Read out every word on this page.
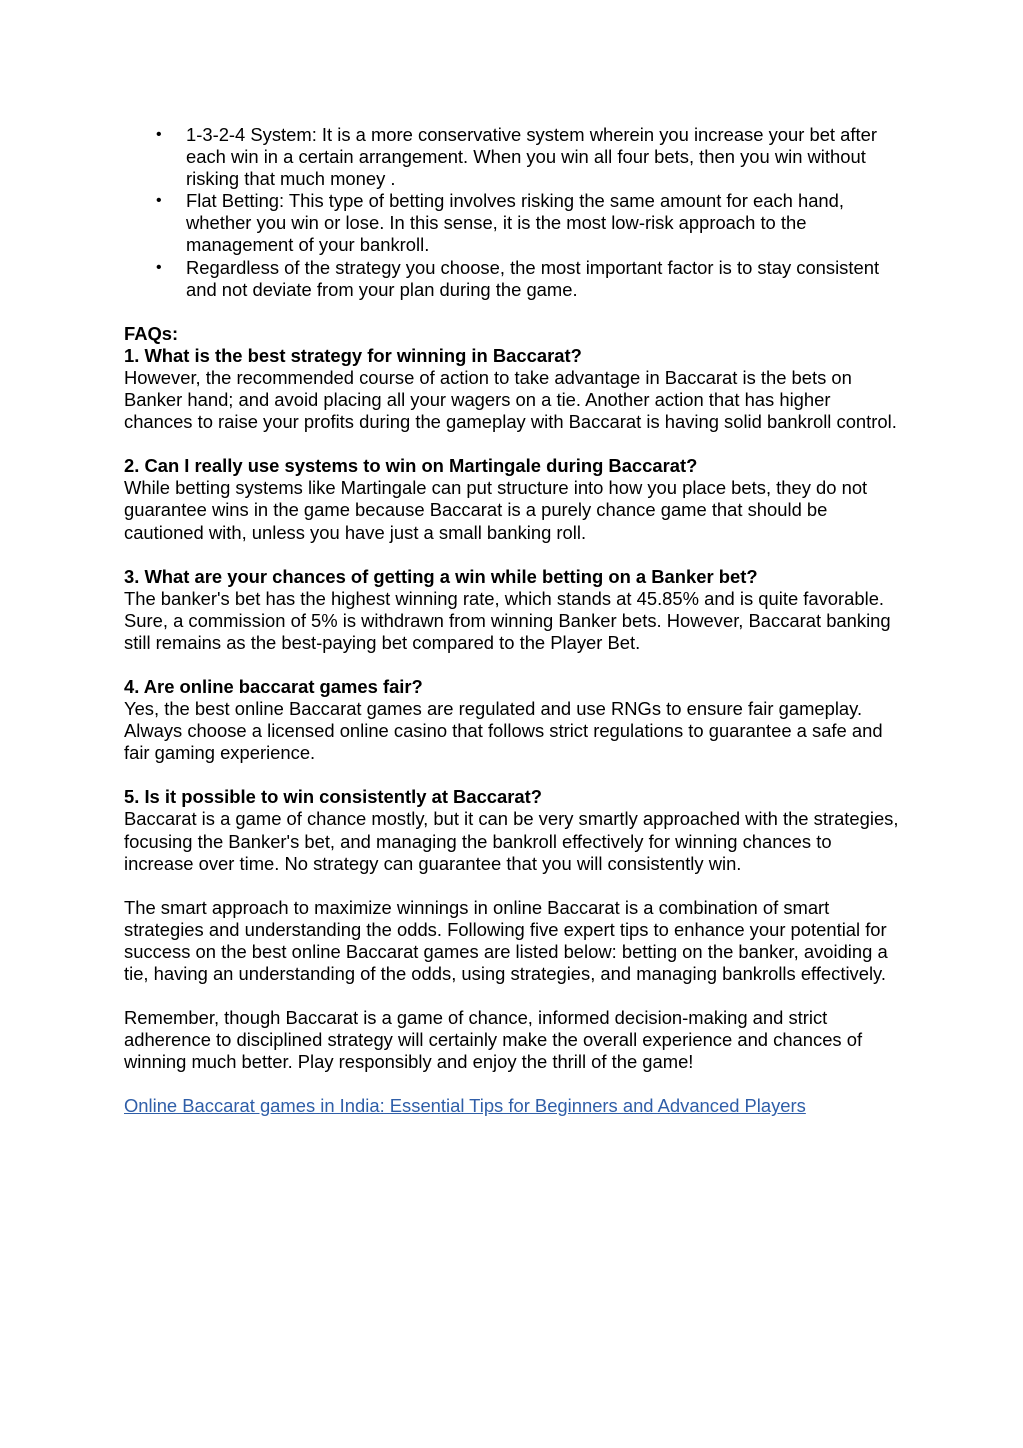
• 1-3-2-4 System: It is a more conservative system wherein you increase your bet after each win in a certain arrangement. When you win all four bets, then you win without risking that much money .
• Flat Betting: This type of betting involves risking the same amount for each hand, whether you win or lose. In this sense, it is the most low-risk approach to the management of your bankroll.
• Regardless of the strategy you choose, the most important factor is to stay consistent and not deviate from your plan during the game.

FAQs:

1. What is the best strategy for winning in Baccarat?

However, the recommended course of action to take advantage in Baccarat is the bets on Banker hand; and avoid placing all your wagers on a tie. Another action that has higher chances to raise your profits during the gameplay with Baccarat is having solid bankroll control.

2. Can I really use systems to win on Martingale during Baccarat?

While betting systems like Martingale can put structure into how you place bets, they do not guarantee wins in the game because Baccarat is a purely chance game that should be cautioned with, unless you have just a small banking roll.

3. What are your chances of getting a win while betting on a Banker bet?

The banker's bet has the highest winning rate, which stands at 45.85% and is quite favorable. Sure, a commission of 5% is withdrawn from winning Banker bets. However, Baccarat banking still remains as the best-paying bet compared to the Player Bet.

4. Are online baccarat games fair?

Yes, the best online Baccarat games are regulated and use RNGs to ensure fair gameplay. Always choose a licensed online casino that follows strict regulations to guarantee a safe and fair gaming experience.

5. Is it possible to win consistently at Baccarat?

Baccarat is a game of chance mostly, but it can be very smartly approached with the strategies, focusing the Banker's bet, and managing the bankroll effectively for winning chances to increase over time. No strategy can guarantee that you will consistently win.

The smart approach to maximize winnings in online Baccarat is a combination of smart strategies and understanding the odds. Following five expert tips to enhance your potential for success on the best online Baccarat games are listed below: betting on the banker, avoiding a tie, having an understanding of the odds, using strategies, and managing bankrolls effectively.

Remember, though Baccarat is a game of chance, informed decision-making and strict adherence to disciplined strategy will certainly make the overall experience and chances of winning much better. Play responsibly and enjoy the thrill of the game!

Online Baccarat games in India: Essential Tips for Beginners and Advanced Players
